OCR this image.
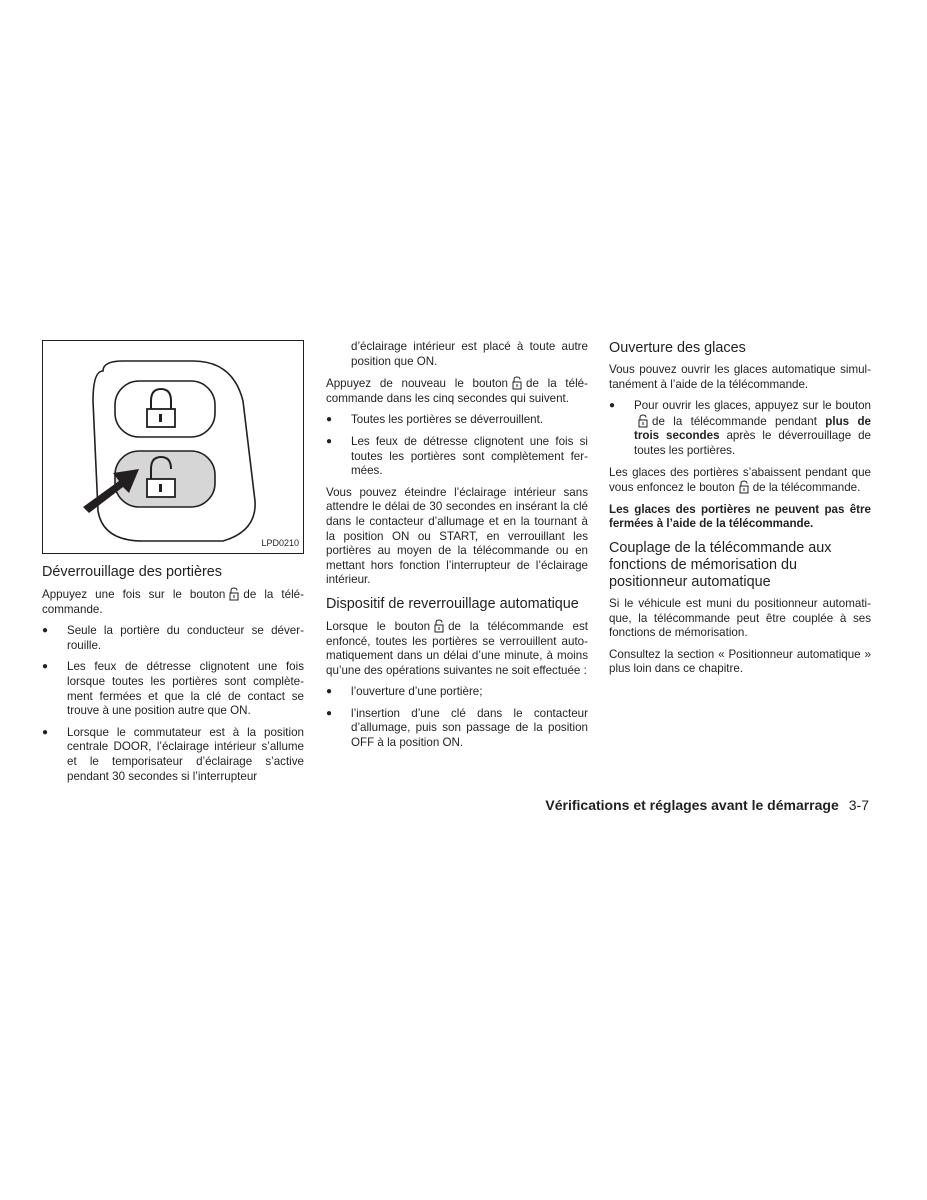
LPD0210
Déverrouillage des portières

Appuyez une fois sur le bouton de la télécommande.

● Seule la portière du conducteur se déverrouille.
● Les feux de détresse clignotent une fois lorsque toutes les portières sont complètement fermées et que la clé de contact se trouve à une position autre que ON.
● Lorsque le commutateur est à la position centrale DOOR, l’éclairage intérieur s’allume et le temporisateur d’éclairage s’active pendant 30 secondes si l’interrupteur
d’éclairage intérieur est placé à toute autre position que ON.

Appuyez de nouveau le bouton de la télécommande dans les cinq secondes qui suivent.

● Toutes les portières se déverrouillent.
● Les feux de détresse clignotent une fois si toutes les portières sont complètement fermées.

Vous pouvez éteindre l’éclairage intérieur sans attendre le délai de 30 secondes en insérant la clé dans le contacteur d’allumage et en la tournant à la position ON ou START, en verrouillant les portières au moyen de la télécommande ou en mettant hors fonction l’interrupteur de l’éclairage intérieur.

Dispositif de reverrouillage automatique

Lorsque le bouton de la télécommande est enfoncé, toutes les portières se verrouillent automatiquement dans un délai d’une minute, à moins qu’une des opérations suivantes ne soit effectuée :

● l’ouverture d’une portière;
● l’insertion d’une clé dans le contacteur d’allumage, puis son passage de la position OFF à la position ON.
Ouverture des glaces

Vous pouvez ouvrir les glaces automatique simultanément à l’aide de la télécommande.

● Pour ouvrir les glaces, appuyez sur le boutonde la télécommande pendant plus de trois secondes après le déverrouillage de toutes les portières.

Les glaces des portières s’abaissent pendant que vous enfoncez le bouton de la télécommande.

Les glaces des portières ne peuvent pas être fermées à l’aide de la télécommande.

Couplage de la télécommande aux fonctions de mémorisation du positionneur automatique

Si le véhicule est muni du positionneur automatique, la télécommande peut être couplée à ses fonctions de mémorisation.

Consultez la section « Positionneur automatique » plus loin dans ce chapitre.

Vérifications et réglages avant le démarrage 3-7
